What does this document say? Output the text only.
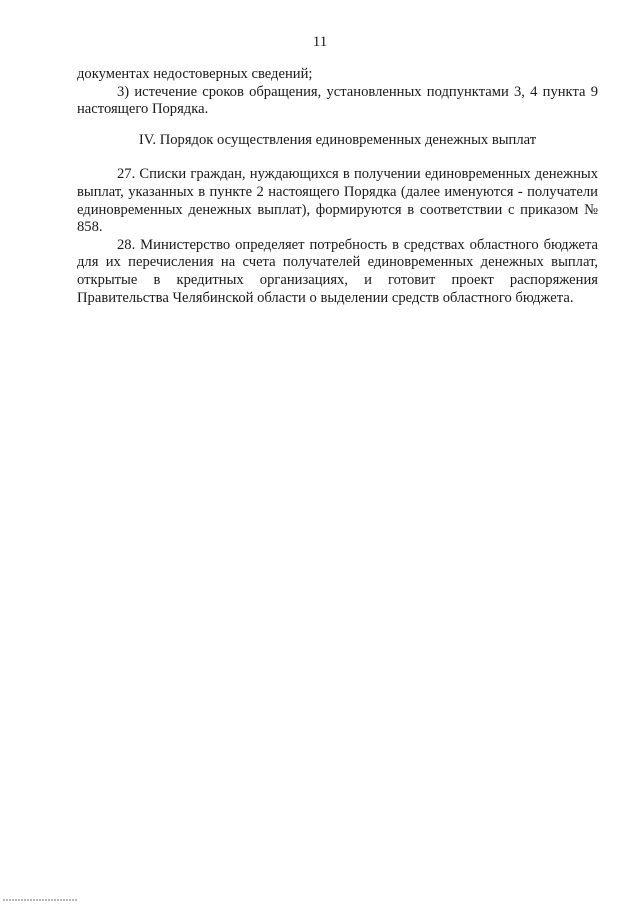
11

документах недостоверных сведений;

3) истечение сроков обращения, установленных подпунктами 3, 4 пункта 9 настоящего Порядка.

IV. Порядок осуществления единовременных денежных выплат

27. Списки граждан, нуждающихся в получении единовременных денежных выплат, указанных в пункте 2 настоящего Порядка (далее именуются - получатели единовременных денежных выплат), формируются в соответствии с приказом № 858.

28. Министерство определяет потребность в средствах областного бюджета для их перечисления на счета получателей единовременных денежных выплат, открытые в кредитных организациях, и готовит проект распоряжения Правительства Челябинской области о выделении средств областного бюджета.
